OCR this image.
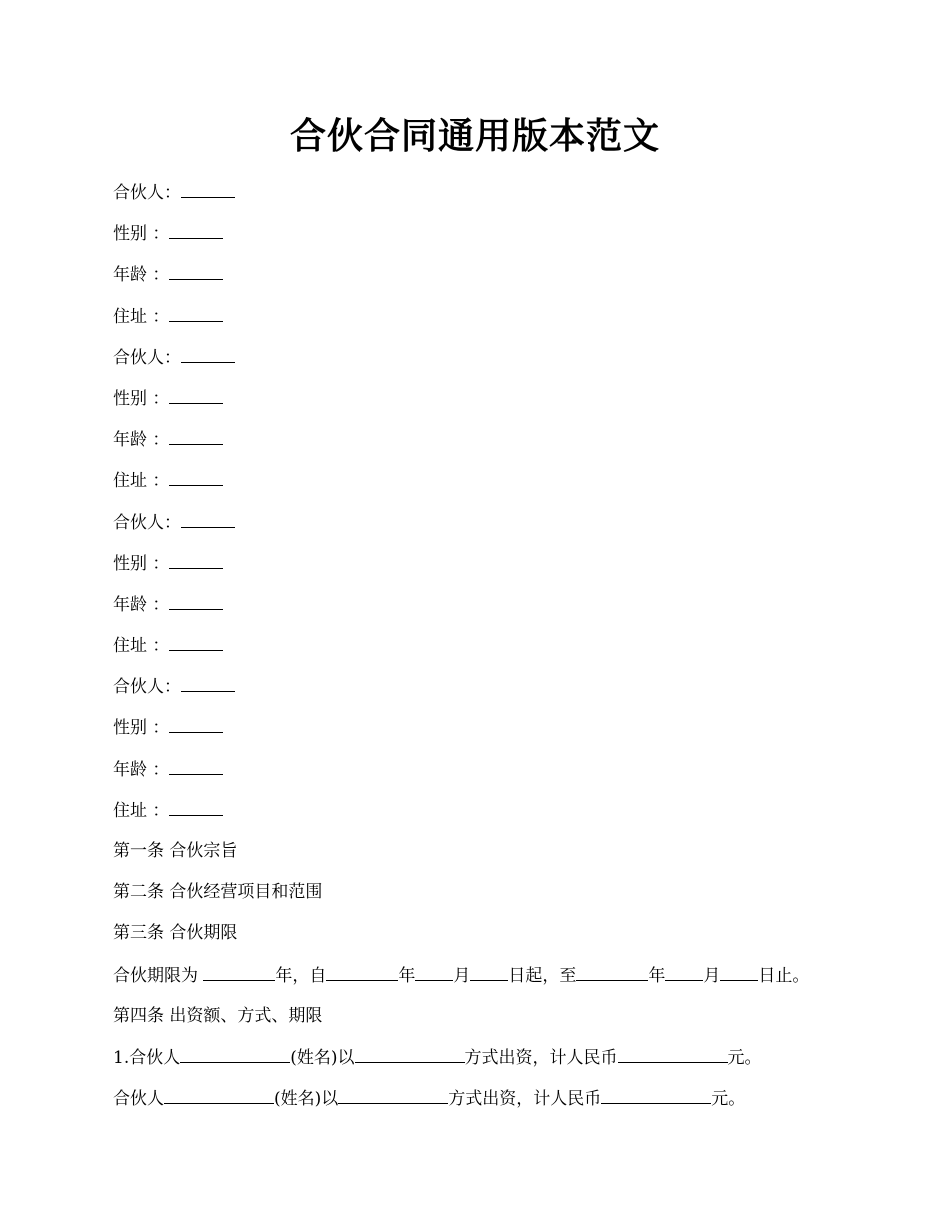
合伙合同通用版本范文
合伙人：
性别 ：
年龄 ：
住址 ：
合伙人：
性别 ：
年龄 ：
住址 ：
合伙人：
性别 ：
年龄 ：
住址 ：
合伙人：
性别 ：
年龄 ：
住址 ：
第一条 合伙宗旨
第二条 合伙经营项目和范围
第三条 合伙期限
合伙期限为	年，自	年 月 日起，至	年 月 日止。
第四条 出资额、方式、期限
1.合伙人	(姓名)以	方式出资，计人民币	元。
合伙人	(姓名)以	方式出资，计人民币	元。
